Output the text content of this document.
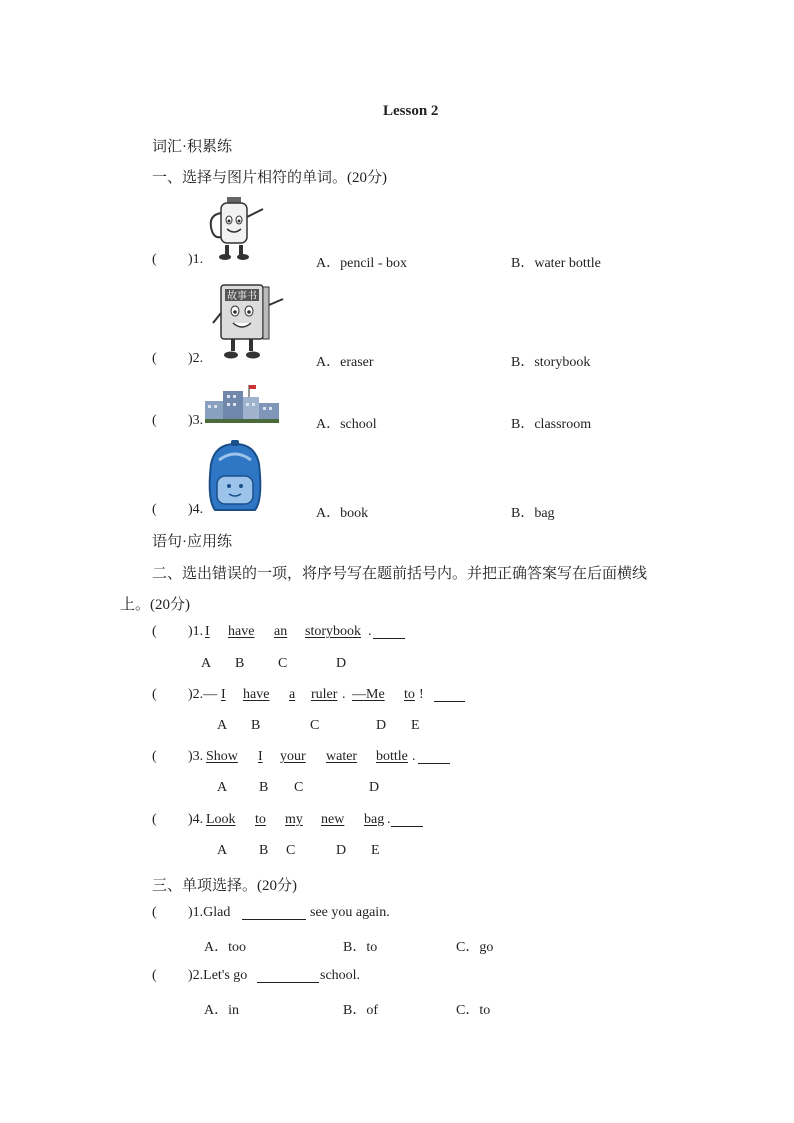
Lesson 2
词汇·积累练
一、选择与图片相符的单词。(20分)
故事书
( )1.	A．pencil - box	B．water bottle
( )2.	A．eraser	B．storybook
( )3.	A．school	B．classroom
( )4.	A．book	B．bag
语句·应用练
二、选出错误的一项，将序号写在题前括号内。并把正确答案写在后面横线
上。(20分)
( )1. I have an storybook .
A B C	D
( )2.— I have a ruler . —Me to !
A B	C	D E
( )3. Show I your water bottle .
A B C	D
( )4. Look to my new bag .
A B C	D E
三、单项选择。(20分)
( )1.Glad	see you again.
A．too	B．to	C．go
( )2.Let's go	school.
A．in	B．of	C．to
